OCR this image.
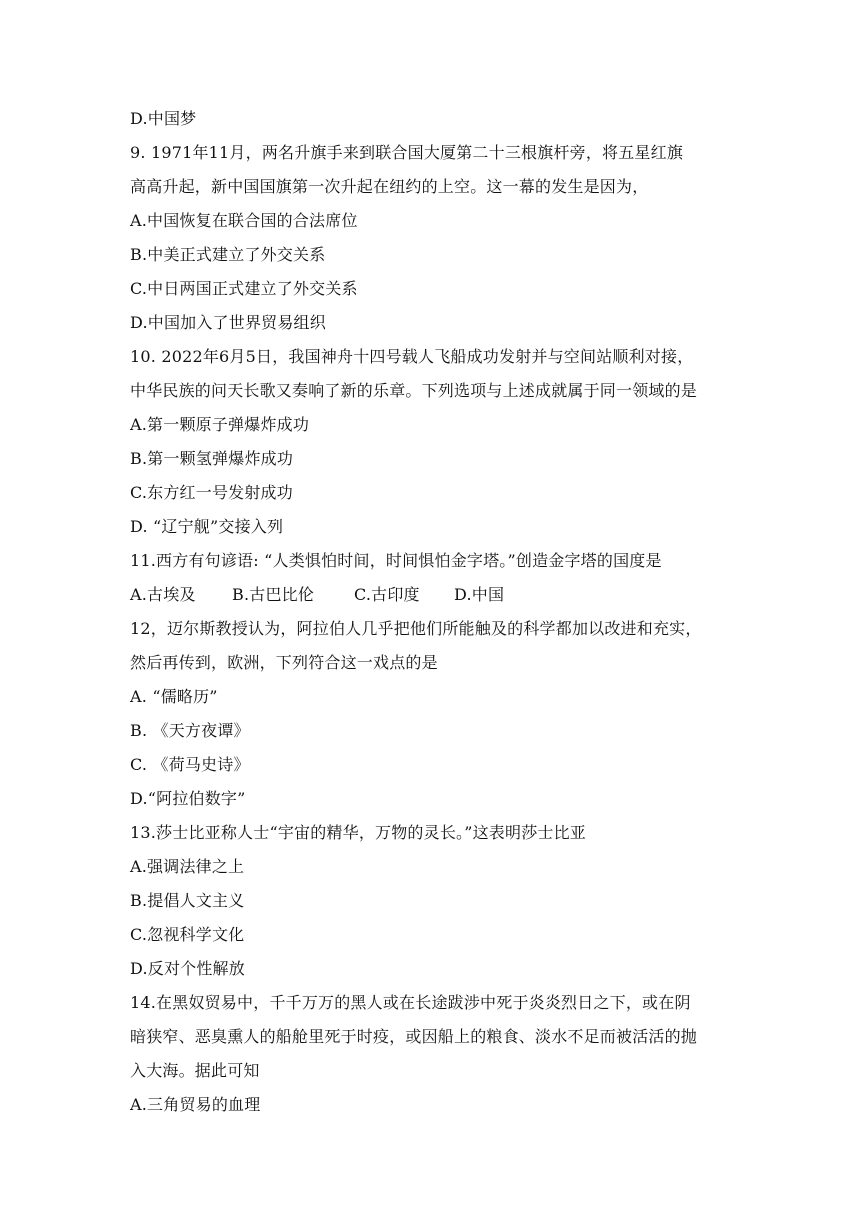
D.中国梦
9. 1971年11月，两名升旗手来到联合国大厦第二十三根旗杆旁，将五星红旗
高高升起，新中国国旗第一次升起在纽约的上空。这一幕的发生是因为，
A.中国恢复在联合国的合法席位
B.中美正式建立了外交关系
C.中日两国正式建立了外交关系
D.中国加入了世界贸易组织
10. 2022年6月5日，我国神舟十四号载人飞船成功发射并与空间站顺利对接，
中华民族的问天长歌又奏响了新的乐章。下列选项与上述成就属于同一领域的是
A.第一颗原子弹爆炸成功
B.第一颗氢弹爆炸成功
C.东方红一号发射成功
D. “辽宁舰”交接入列
11.西方有句谚语: “人类惧怕时间，时间惧怕金字塔。”创造金字塔的国度是
A.古埃及 B.古巴比伦 C.古印度 D.中国
12，迈尔斯教授认为，阿拉伯人几乎把他们所能触及的科学都加以改进和充实，
然后再传到，欧洲，下列符合这一戏点的是
A. “儒略历”
B. 《天方夜谭》
C. 《荷马史诗》
D.“阿拉伯数字”
13.莎士比亚称人士“宇宙的精华，万物的灵长。”这表明莎士比亚
A.强调法律之上
B.提倡人文主义
C.忽视科学文化
D.反对个性解放
14.在黑奴贸易中，千千万万的黑人或在长途跋涉中死于炎炎烈日之下，或在阴
暗狭窄、恶臭熏人的船舱里死于时疫，或因船上的粮食、淡水不足而被活活的抛
入大海。据此可知
A.三角贸易的血理
